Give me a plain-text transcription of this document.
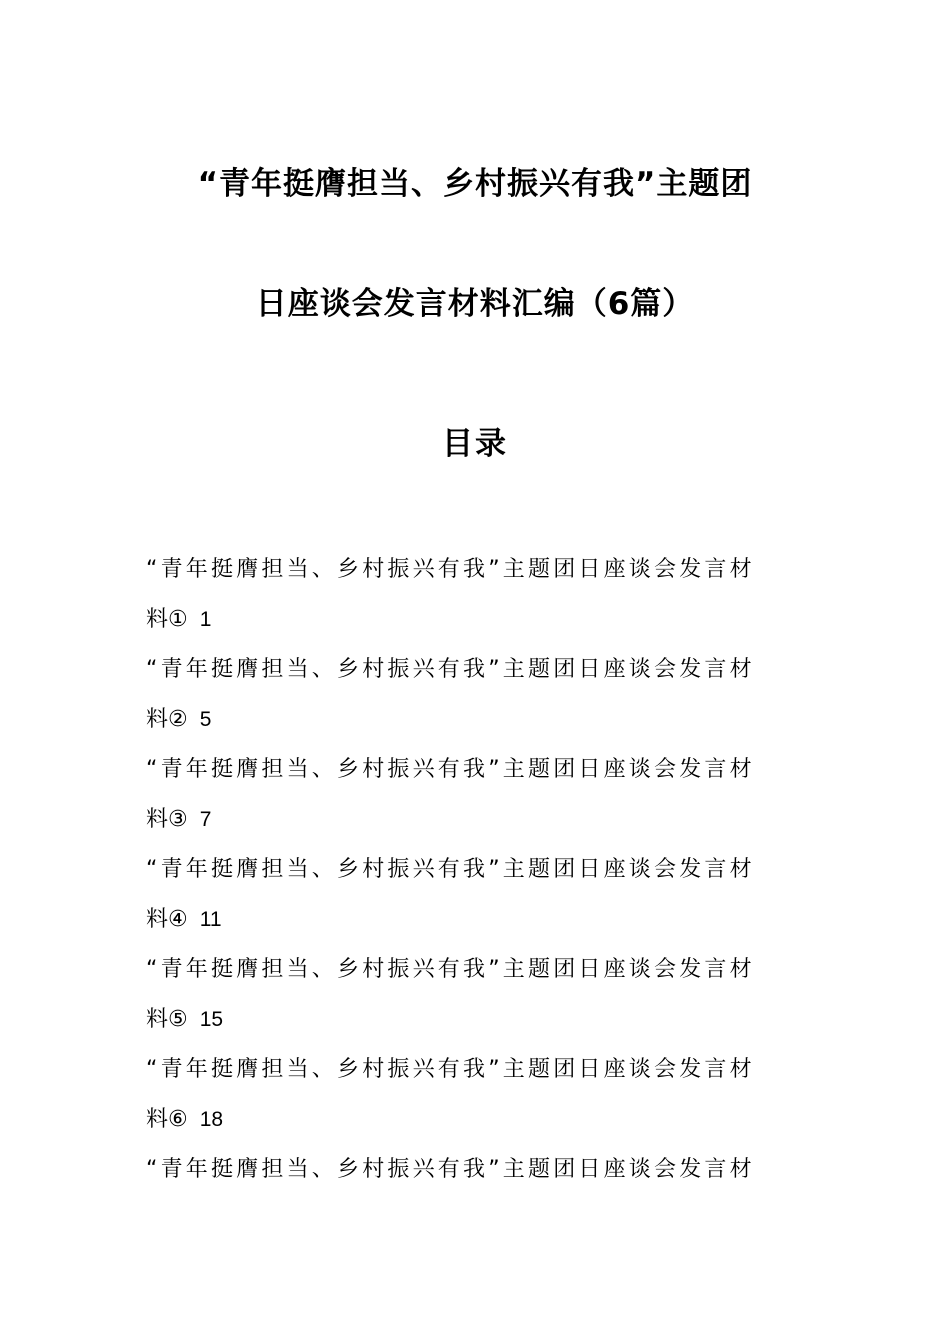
“青年挺膺担当、乡村振兴有我”主题团
日座谈会发言材料汇编（6篇）
目录
“青年挺膺担当、乡村振兴有我”主题团日座谈会发言材
料① 1
“青年挺膺担当、乡村振兴有我”主题团日座谈会发言材
料② 5
“青年挺膺担当、乡村振兴有我”主题团日座谈会发言材
料③ 7
“青年挺膺担当、乡村振兴有我”主题团日座谈会发言材
料④ 11
“青年挺膺担当、乡村振兴有我”主题团日座谈会发言材
料⑤ 15
“青年挺膺担当、乡村振兴有我”主题团日座谈会发言材
料⑥ 18
“青年挺膺担当、乡村振兴有我”主题团日座谈会发言材
